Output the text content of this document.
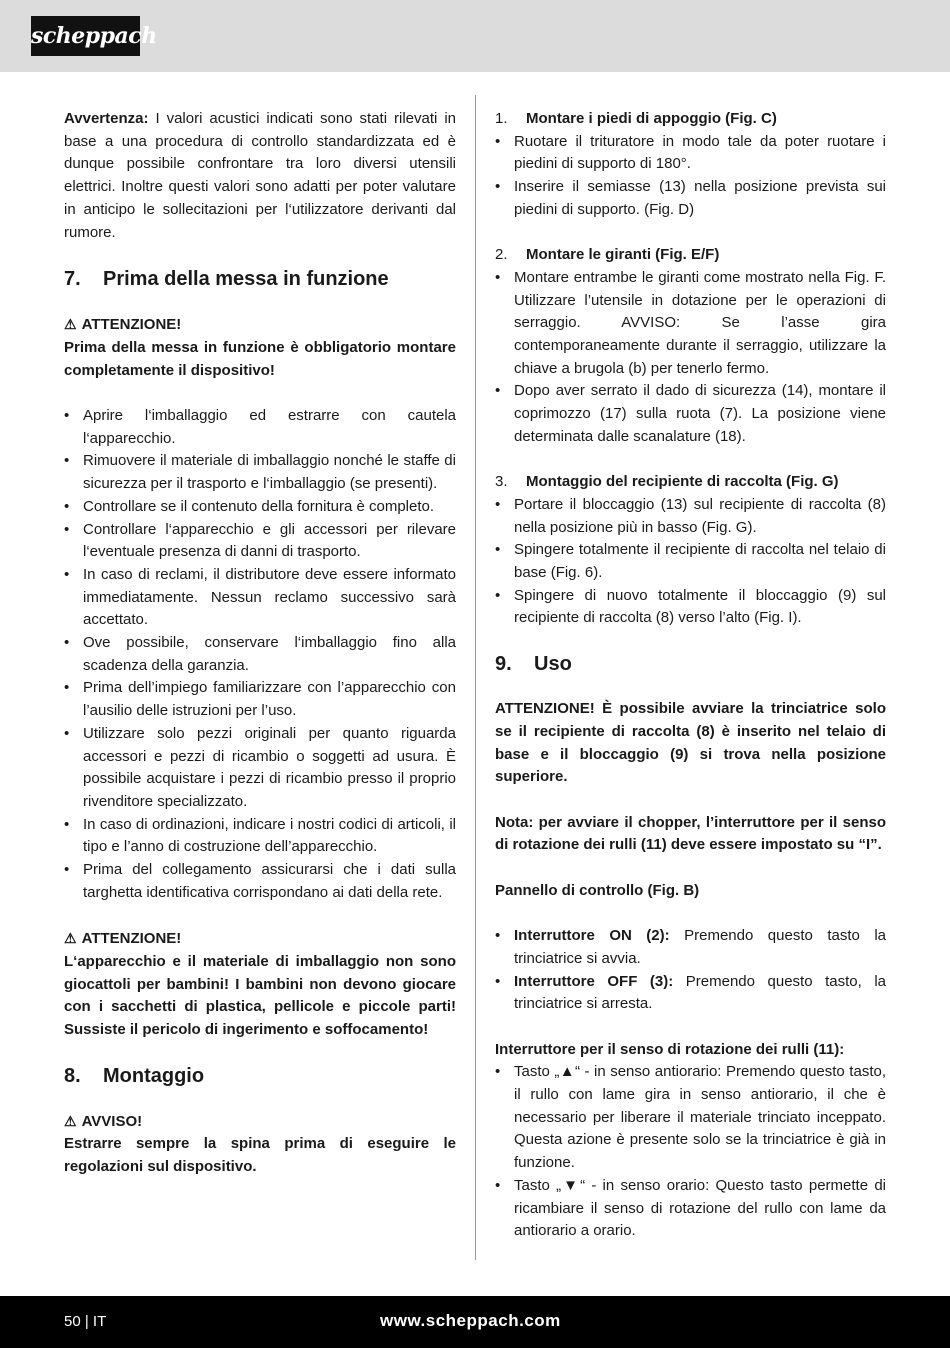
scheppach

Avvertenza: I valori acustici indicati sono stati rilevati in base a una procedura di controllo standardizzata ed è dunque possibile confrontare tra loro diversi utensili elettrici. Inoltre questi valori sono adatti per poter valutare in anticipo le sollecitazioni per l‘utilizzatore derivanti dal rumore.

7.	Prima della messa in funzione

⚠ ATTENZIONE!

Prima della messa in funzione è obbligatorio montare completamente il dispositivo!

• Aprire l‘imballaggio ed estrarre con cautela l‘apparecchio.
• Rimuovere il materiale di imballaggio nonché le staffe di sicurezza per il trasporto e l‘imballaggio (se presenti).
• Controllare se il contenuto della fornitura è completo.
• Controllare l‘apparecchio e gli accessori per rilevare l‘eventuale presenza di danni di trasporto.
• In caso di reclami, il distributore deve essere informato immediatamente. Nessun reclamo successivo sarà accettato.
• Ove possibile, conservare l‘imballaggio fino alla scadenza della garanzia.
• Prima dell’impiego familiarizzare con l’apparecchio con l’ausilio delle istruzioni per l’uso.
• Utilizzare solo pezzi originali per quanto riguarda accessori e pezzi di ricambio o soggetti ad usura. È possibile acquistare i pezzi di ricambio presso il proprio rivenditore specializzato.
• In caso di ordinazioni, indicare i nostri codici di articoli, il tipo e l’anno di costruzione dell’apparecchio.
• Prima del collegamento assicurarsi che i dati sulla targhetta identificativa corrispondano ai dati della rete.

⚠ ATTENZIONE!

L‘apparecchio e il materiale di imballaggio non sono giocattoli per bambini! I bambini non devono giocare con i sacchetti di plastica, pellicole e piccole parti! Sussiste il pericolo di ingerimento e soffocamento!

8.	Montaggio

⚠ AVVISO!

Estrarre sempre la spina prima di eseguire le regolazioni sul dispositivo.

1.	Montare i piedi di appoggio (Fig. C)

• Ruotare il trituratore in modo tale da poter ruotare i piedini di supporto di 180°.
• Inserire il semiasse (13) nella posizione prevista sui piedini di supporto. (Fig. D)

2.	Montare le giranti (Fig. E/F)

• Montare entrambe le giranti come mostrato nella Fig. F. Utilizzare l’utensile in dotazione per le operazioni di serraggio. AVVISO: Se l’asse gira contemporaneamente durante il serraggio, utilizzare la chiave a brugola (b) per tenerlo fermo.
• Dopo aver serrato il dado di sicurezza (14), montare il coprimozzo (17) sulla ruota (7). La posizione viene determinata dalle scanalature (18).

3.	Montaggio del recipiente di raccolta (Fig. G)

• Portare il bloccaggio (13) sul recipiente di raccolta (8) nella posizione più in basso (Fig. G).
• Spingere totalmente il recipiente di raccolta nel telaio di base (Fig. 6).
• Spingere di nuovo totalmente il bloccaggio (9) sul recipiente di raccolta (8) verso l’alto (Fig. I).
9.	Uso

ATTENZIONE! È possibile avviare la trinciatrice solo se il recipiente di raccolta (8) è inserito nel telaio di base e il bloccaggio (9) si trova nella posizione superiore.

Nota: per avviare il chopper, l’interruttore per il senso di rotazione dei rulli (11) deve essere impostato su “I”.

Pannello di controllo (Fig. B)

• Interruttore ON (2): Premendo questo tasto la trinciatrice si avvia.
• Interruttore OFF (3): Premendo questo tasto, la trinciatrice si arresta.

Interruttore per il senso di rotazione dei rulli (11):

• Tasto „▲“ - in senso antiorario: Premendo questo tasto, il rullo con lame gira in senso antiorario, il che è necessario per liberare il materiale trinciato inceppato. Questa azione è presente solo se la trinciatrice è già in funzione.
• Tasto „▼“ - in senso orario: Questo tasto permette di ricambiare il senso di rotazione del rullo con lame da antiorario a orario.
50 | IT	www.scheppach.com
